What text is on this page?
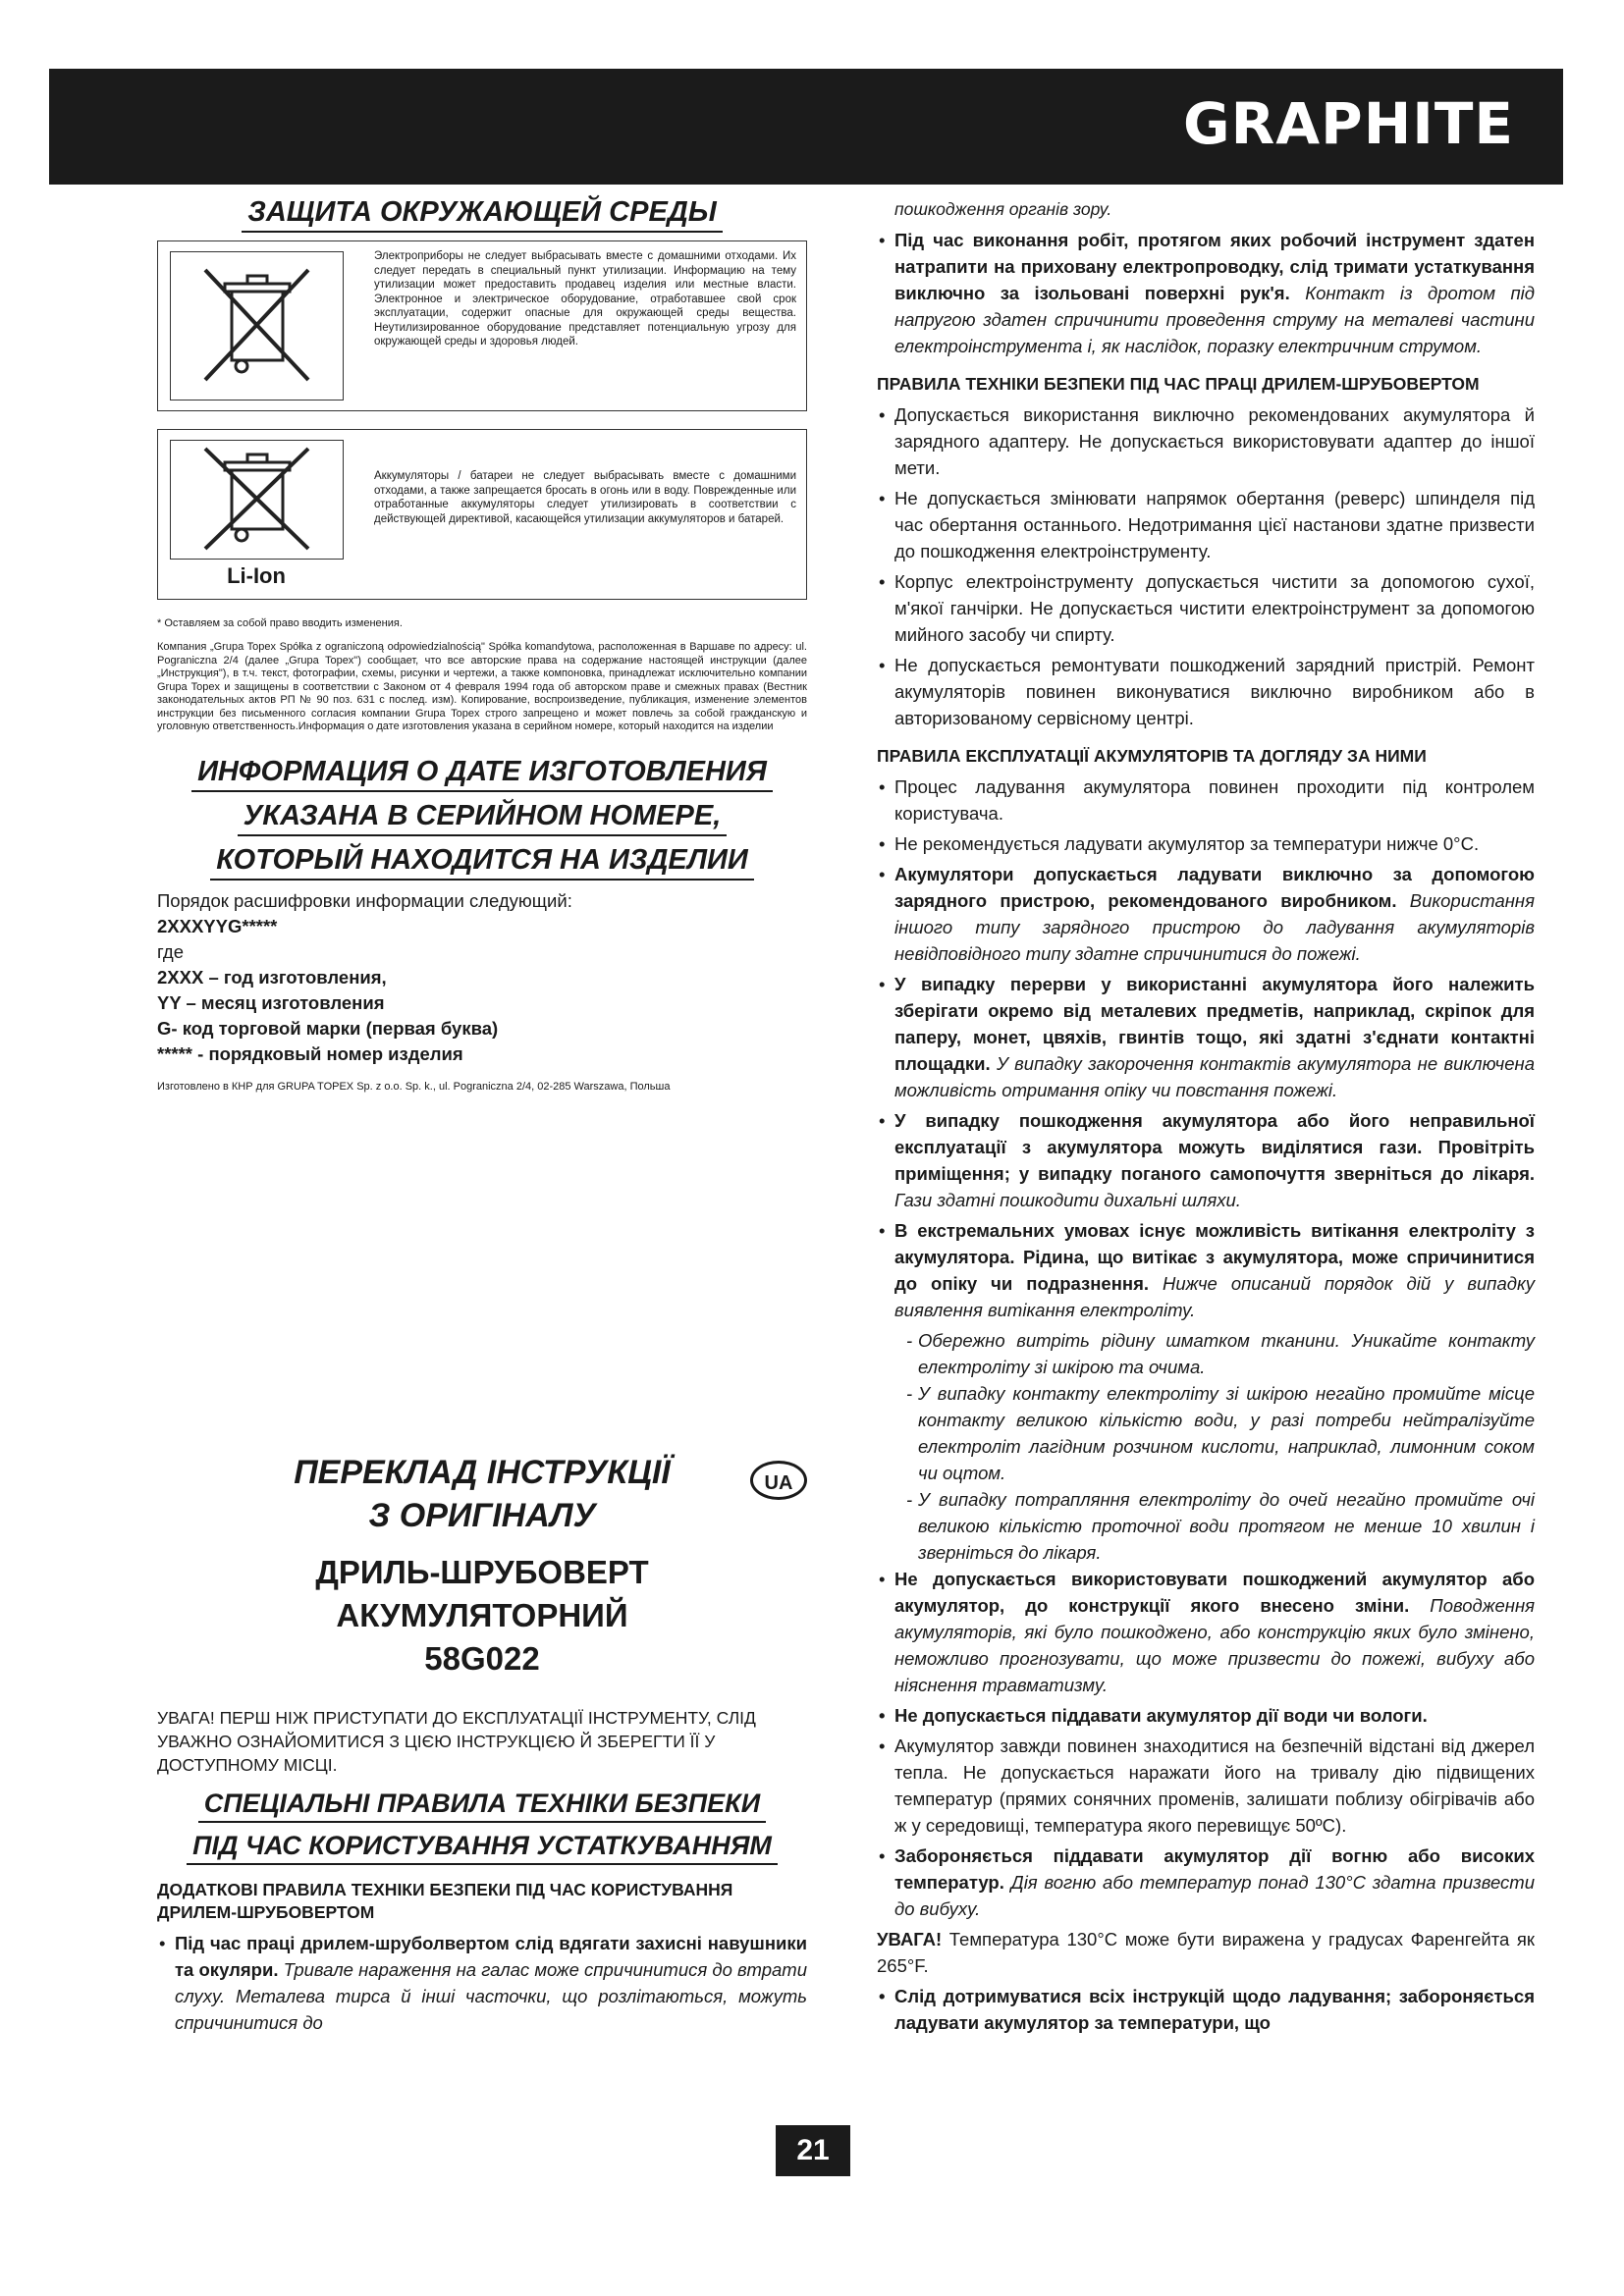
GRAPHITE
ЗАЩИТА ОКРУЖАЮЩЕЙ СРЕДЫ
Электроприборы не следует выбрасывать вместе с домашними отходами. Их следует передать в специальный пункт утилизации. Информацию на тему утилизации может предоставить продавец изделия или местные власти. Электронное и электрическое оборудование, отработавшее свой срок эксплуатации, содержит опасные для окружающей среды вещества. Неутилизированное оборудование представляет потенциальную угрозу для окружающей среды и здоровья людей.
Li-Ion
Аккумуляторы / батареи не следует выбрасывать вместе с домашними отходами, а также запрещается бросать в огонь или в воду. Поврежденные или отработанные аккумуляторы следует утилизировать в соответствии с действующей директивой, касающейся утилизации аккумуляторов и батарей.
* Оставляем за собой право вводить изменения.
Компания „Grupa Topex Spółka z ograniczoną odpowiedzialnością" Spółka komandytowa, расположенная в Варшаве по адресу: ul. Pograniczna 2/4 (далее „Grupa Topex") сообщает, что все авторские права на содержание настоящей инструкции (далее „Инструкция"), в т.ч. текст, фотографии, схемы, рисунки и чертежи, а также компоновка, принадлежат исключительно компании Grupa Topex и защищены в соответствии с Законом от 4 февраля 1994 года об авторском праве и смежных правах (Вестник законодательных актов РП № 90 поз. 631 с послед. изм). Копирование, воспроизведение, публикация, изменение элементов инструкции без письменного согласия компании Grupa Topex строго запрещено и может повлечь за собой гражданскую и уголовную ответственность.Информация о дате изготовления указана в серийном номере, который находится на изделии
ИНФОРМАЦИЯ О ДАТЕ ИЗГОТОВЛЕНИЯ
УКАЗАНА В СЕРИЙНОМ НОМЕРЕ,
КОТОРЫЙ НАХОДИТСЯ НА ИЗДЕЛИИ

Порядок расшифровки информации следующий:

2XXXYYG*****

где

2XXX – год изготовления,

YY – месяц изготовления

G- код торговой марки (первая буква)

***** - порядковый номер изделия

Изготовлено в КНР для GRUPA TOPEX Sp. z o.o. Sp. k., ul. Pograniczna 2/4, 02-285 Warszawa, Польша
UA
ПЕРЕКЛАД ІНСТРУКЦІЇ
З ОРИГІНАЛУ
ДРИЛЬ-ШРУБОВЕРТ
АКУМУЛЯТОРНИЙ
58G022
УВАГА! ПЕРШ НІЖ ПРИСТУПАТИ ДО ЕКСПЛУАТАЦІЇ ІНСТРУМЕНТУ, СЛІД УВАЖНО ОЗНАЙОМИТИСЯ З ЦІЄЮ ІНСТРУКЦІЄЮ Й ЗБЕРЕГТИ ЇЇ У ДОСТУПНОМУ МІСЦІ.
СПЕЦІАЛЬНІ ПРАВИЛА ТЕХНІКИ БЕЗПЕКИ
ПІД ЧАС КОРИСТУВАННЯ УСТАТКУВАННЯМ
ДОДАТКОВІ ПРАВИЛА ТЕХНІКИ БЕЗПЕКИ ПІД ЧАС КОРИСТУВАННЯ ДРИЛЕМ-ШРУБОВЕРТОМ
• Під час праці дрилем-шруболвертом слід вдягати захисні навушники та окуляри. Тривале нараження на галас може спричинитися до втрати слуху. Металева тирса й інші часточки, що розлітаються, можуть спричинитися до
пошкодження органів зору.
• Під час виконання робіт, протягом яких робочий інструмент здатен натрапити на приховану електропроводку, слід тримати устаткування виключно за ізольовані поверхні рук'я. Контакт із дротом під напругою здатен спричинити проведення струму на металеві частини електроінструмента і, як наслідок, поразку електричним струмом.
ПРАВИЛА ТЕХНІКИ БЕЗПЕКИ ПІД ЧАС ПРАЦІ ДРИЛЕМ-ШРУБОВЕРТОМ
• Допускається використання виключно рекомендованих акумулятора й зарядного адаптеру. Не допускається використовувати адаптер до іншої мети.
• Не допускається змінювати напрямок обертання (реверс) шпинделя під час обертання останнього. Недотримання цієї настанови здатне призвести до пошкодження електроінструменту.
• Корпус електроінструменту допускається чистити за допомогою сухої, м'якої ганчірки. Не допускається чистити електроінструмент за допомогою мийного засобу чи спирту.
• Не допускається ремонтувати пошкоджений зарядний пристрій. Ремонт акумуляторів повинен виконуватися виключно виробником або в авторизованому сервісному центрі.
ПРАВИЛА ЕКСПЛУАТАЦІЇ АКУМУЛЯТОРІВ ТА ДОГЛЯДУ ЗА НИМИ
• Процес ладування акумулятора повинен проходити під контролем користувача.
• Не рекомендується ладувати акумулятор за температури нижче 0°С.
• Акумулятори допускається ладувати виключно за допомогою зарядного пристрою, рекомендованого виробником. Використання іншого типу зарядного пристрою до ладування акумуляторів невідповідного типу здатне спричинитися до пожежі.
• У випадку перерви у використанні акумулятора його належить зберігати окремо від металевих предметів, наприклад, скріпок для паперу, монет, цвяхів, гвинтів тощо, які здатні з'єднати контактні площадки. У випадку закорочення контактів акумулятора не виключена можливість отримання опіку чи повстання пожежі.
• У випадку пошкодження акумулятора або його неправильної експлуатації з акумулятора можуть виділятися гази. Провітріть приміщення; у випадку поганого самопочуття зверніться до лікаря. Гази здатні пошкодити дихальні шляхи.
• В екстремальних умовах існує можливість витікання електроліту з акумулятора. Рідина, що витікає з акумулятора, може спричинитися до опіку чи подразнення. Нижче описаний порядок дій у випадку виявлення витікання електроліту.

- Обережно витріть рідину шматком тканини. Уникайте контакту електроліту зі шкірою та очима.

- У випадку контакту електроліту зі шкірою негайно промийте місце контакту великою кількістю води, у разі потреби нейтралізуйте електроліт лагідним розчином кислоти, наприклад, лимонним соком чи оцтом.

- У випадку потрапляння електроліту до очей негайно промийте очі великою кількістю проточної води протягом не менше 10 хвилин і зверніться до лікаря.

• Не допускається використовувати пошкоджений акумулятор або акумулятор, до конструкції якого внесено зміни. Поводження акумуляторів, які було пошкоджено, або конструкцію яких було змінено, неможливо прогнозувати, що може призвести до пожежі, вибуху або ніяснення травматизму.
• Не допускається піддавати акумулятор дії води чи вологи.
• Акумулятор завжди повинен знаходитися на безпечній відстані від джерел тепла. Не допускається наражати його на тривалу дію підвищених температур (прямих сонячних променів, залишати поблизу обігрівачів або ж у середовищі, температура якого перевищує 50ºС).
• Забороняється піддавати акумулятор дії вогню або високих температур. Дія вогню або температур понад 130°С здатна призвести до вибуху.
УВАГА! Температура 130°С може бути виражена у градусах Фаренгейта як 265°F.
• Слід дотримуватися всіх інструкцій щодо ладування; забороняється ладувати акумулятор за температури, що
21
